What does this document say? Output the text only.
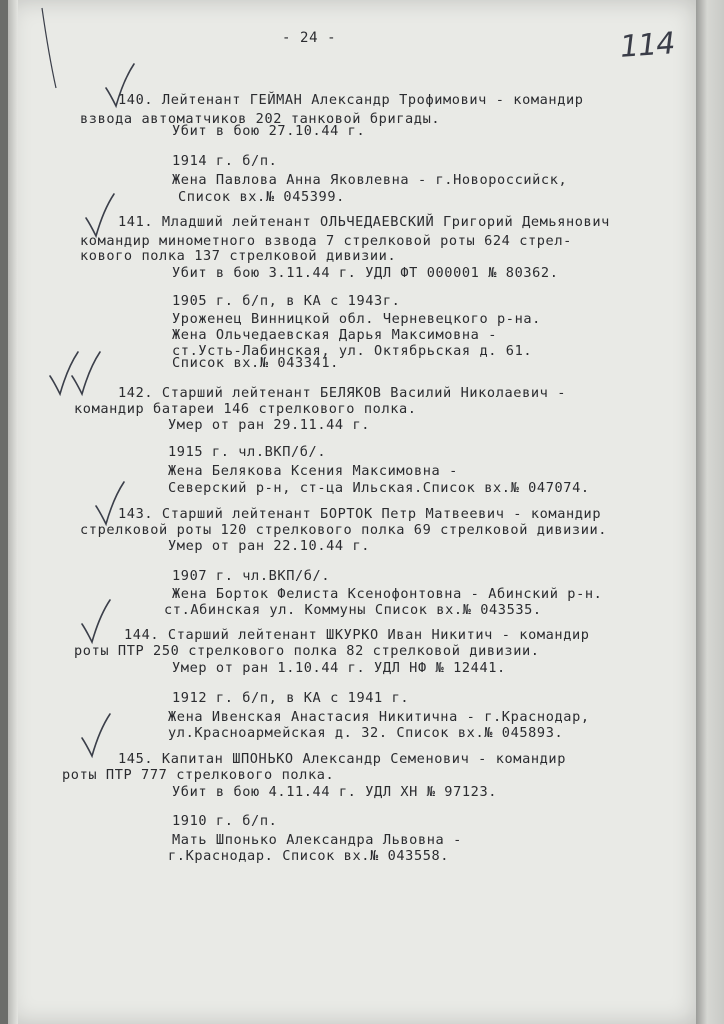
- 24 -	114
140. Лейтенант ГЕЙМАН Александр Трофимович - командир
взвода автоматчиков 202 танковой бригады.
Убит в бою 27.10.44 г.
1914 г. б/п.
Жена Павлова Анна Яковлевна - г.Новороссийск,
Список вх.№ 045399.
141. Младший лейтенант ОЛЬЧЕДАЕВСКИЙ Григорий Демьянович
командир минометного взвода 7 стрелковой роты 624 стрел-
кового полка 137 стрелковой дивизии.
Убит в бою 3.11.44 г. УДЛ ФТ 000001 № 80362.
1905 г. б/п, в КА с 1943г.
Уроженец Винницкой обл. Черневецкого р-на.
Жена Ольчедаевская Дарья Максимовна -
ст.Усть-Лабинская, ул. Октябрьская д. 61.
Список вх.№ 043341.
142. Старший лейтенант БЕЛЯКОВ Василий Николаевич -
командир батареи 146 стрелкового полка.
Умер от ран 29.11.44 г.
1915 г. чл.ВКП/б/.
Жена Белякова Ксения Максимовна -
Северский р-н, ст-ца Ильская.Список вх.№ 047074.
143. Старший лейтенант БОРТОК Петр Матвеевич - командир
стрелковой роты 120 стрелкового полка 69 стрелковой дивизии.
Умер от ран 22.10.44 г.
1907 г. чл.ВКП/б/.
Жена Борток Фелиста Ксенофонтовна - Абинский р-н.
ст.Абинская ул. Коммуны Список вх.№ 043535.
144. Старший лейтенант ШКУРКО Иван Никитич - командир
роты ПТР 250 стрелкового полка 82 стрелковой дивизии.
Умер от ран 1.10.44 г. УДЛ НФ № 12441.
1912 г. б/п, в КА с 1941 г.
Жена Ивенская Анастасия Никитична - г.Краснодар,
ул.Красноармейская д. 32. Список вх.№ 045893.
145. Капитан ШПОНЬКО Александр Семенович - командир
роты ПТР 777 стрелкового полка.
Убит в бою 4.11.44 г. УДЛ ХН № 97123.
1910 г. б/п.
Мать Шпонько Александра Львовна -
г.Краснодар. Список вх.№ 043558.
